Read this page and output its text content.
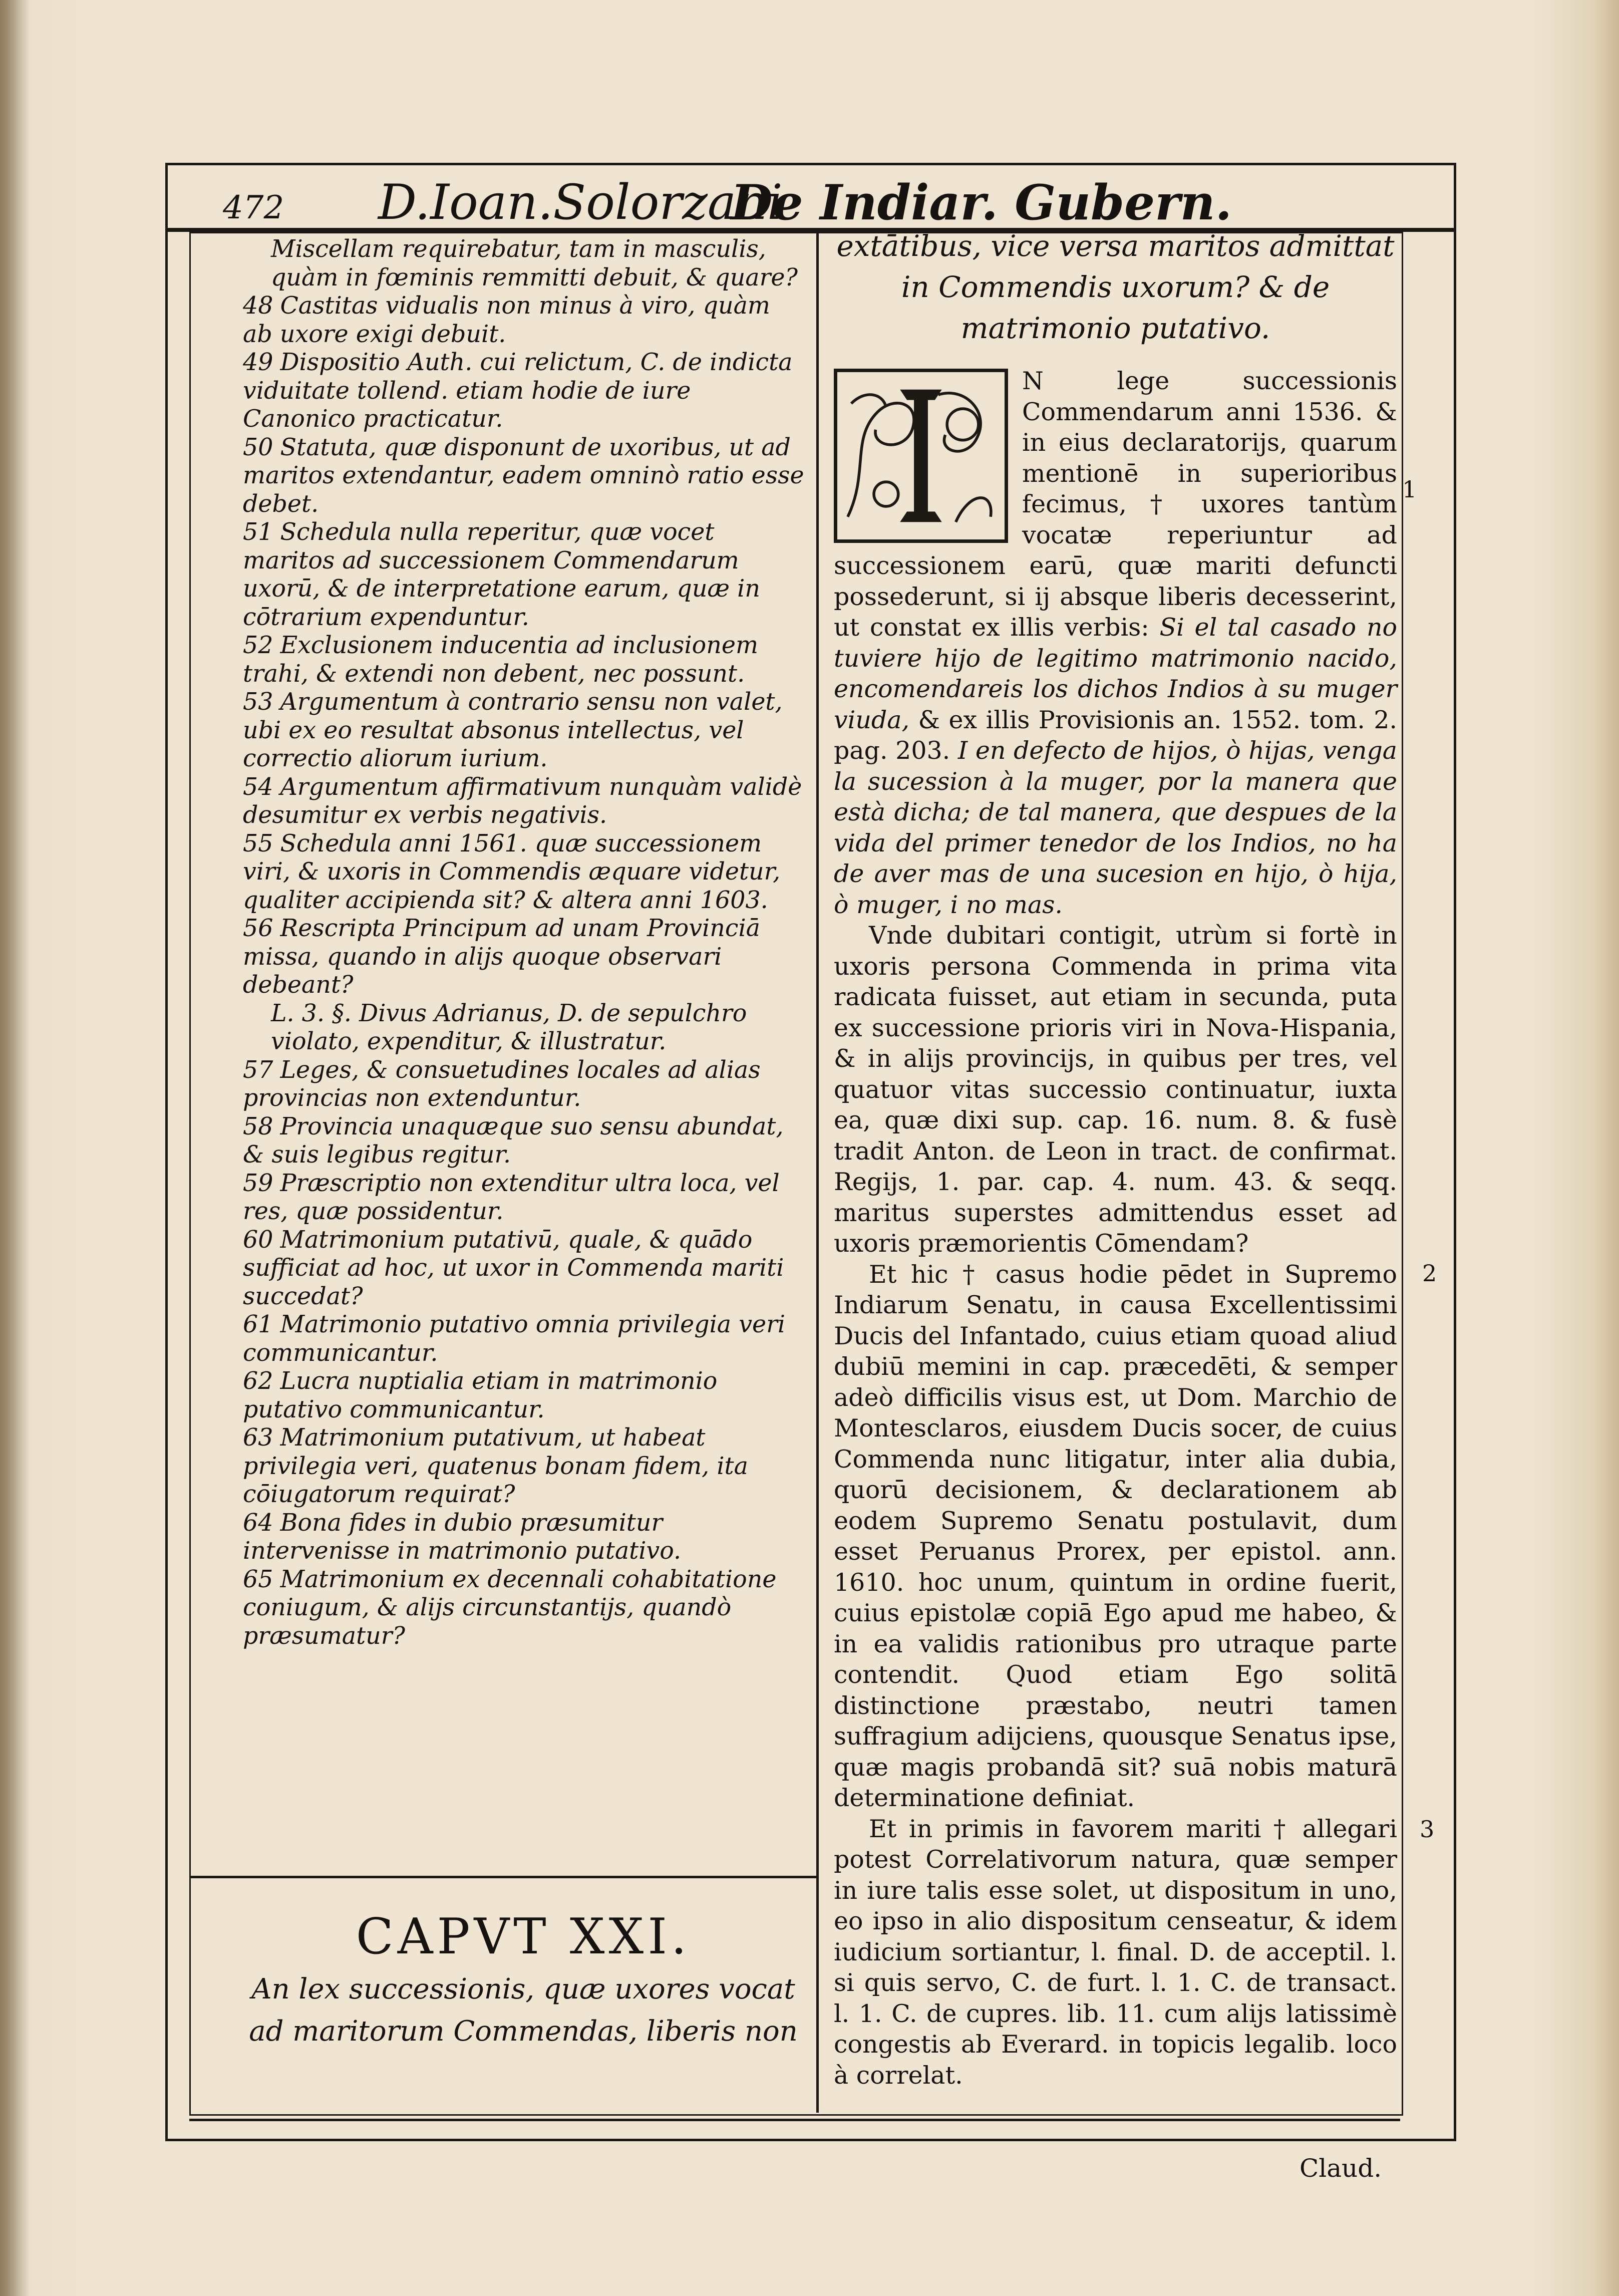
472 D.Ioan.Solorzani
De Indiar. Gubern.
Miscellam requirebatur, tam in masculis, quàm in fœminis remmitti debuit, & quare?
48 Castitas vidualis non minus à viro, quàm ab uxore exigi debuit.
49 Dispositio Auth. cui relictum, C. de indicta viduitate tollend. etiam hodie de iure Canonico practicatur.
50 Statuta, quæ disponunt de uxoribus, ut ad maritos extendantur, eadem omninò ratio esse debet.
51 Schedula nulla reperitur, quæ vocet maritos ad successionem Commendarum uxorū, & de interpretatione earum, quæ in cōtrarium expenduntur.
52 Exclusionem inducentia ad inclusionem trahi, & extendi non debent, nec possunt.
53 Argumentum à contrario sensu non valet, ubi ex eo resultat absonus intellectus, vel correctio aliorum iurium.
54 Argumentum affirmativum nunquàm validè desumitur ex verbis negativis.
55 Schedula anni 1561. quæ successionem viri, & uxoris in Commendis æquare videtur, qualiter accipienda sit? & altera anni 1603.
56 Rescripta Principum ad unam Provinciā missa, quando in alijs quoque observari debeant?
L. 3. §. Divus Adrianus, D. de sepulchro violato, expenditur, & illustratur.
57 Leges, & consuetudines locales ad alias provincias non extenduntur.
58 Provincia unaquæque suo sensu abundat, & suis legibus regitur.
59 Præscriptio non extenditur ultra loca, vel res, quæ possidentur.
60 Matrimonium putativū, quale, & quādo sufficiat ad hoc, ut uxor in Commenda mariti succedat?
61 Matrimonio putativo omnia privilegia veri communicantur.
62 Lucra nuptialia etiam in matrimonio putativo communicantur.
63 Matrimonium putativum, ut habeat privilegia veri, quatenus bonam fidem, ita cōiugatorum requirat?
64 Bona fides in dubio præsumitur intervenisse in matrimonio putativo.
65 Matrimonium ex decennali cohabitatione coniugum, & alijs circunstantijs, quandò præsumatur?
CAPVT XXI.
An lex successionis, quæ uxores vocat ad maritorum Commendas, liberis non

extātibus, vice versa maritos admittat in Commendis uxorum? & de matrimonio putativo.

N lege successionis Commendarum anni 1536. & in eius declaratorijs, quarum mentionē in superioribus fecimus, † uxores tantùm vocatæ reperiuntur ad successionem earū, quæ mariti defuncti possederunt, si ij absque liberis decesserint, ut constat ex illis verbis: Si el tal casado no tuviere hijo de legitimo matrimonio nacido, encomendareis los dichos Indios à su muger viuda, & ex illis Provisionis an. 1552. tom. 2. pag. 203. I en defecto de hijos, ò hijas, venga la sucession à la muger, por la manera que està dicha; de tal manera, que despues de la vida del primer tenedor de los Indios, no ha de aver mas de una sucesion en hijo, ò hija, ò muger, i no mas.

Vnde dubitari contigit, utrùm si fortè in uxoris persona Commenda in prima vita radicata fuisset, aut etiam in secunda, puta ex successione prioris viri in Nova-Hispania, & in alijs provincijs, in quibus per tres, vel quatuor vitas successio continuatur, iuxta ea, quæ dixi sup. cap. 16. num. 8. & fusè tradit Anton. de Leon in tract. de confirmat. Regijs, 1. par. cap. 4. num. 43. & seqq. maritus superstes admittendus esset ad uxoris præmorientis Cōmendam?

Et hic † casus hodie pēdet in Supremo Indiarum Senatu, in causa Excellentissimi Ducis del Infantado, cuius etiam quoad aliud dubiū memini in cap. præcedēti, & semper adeò difficilis visus est, ut Dom. Marchio de Montesclaros, eiusdem Ducis socer, de cuius Commenda nunc litigatur, inter alia dubia, quorū decisionem, & declarationem ab eodem Supremo Senatu postulavit, dum esset Peruanus Prorex, per epistol. ann. 1610. hoc unum, quintum in ordine fuerit, cuius epistolæ copiā Ego apud me habeo, & in ea validis rationibus pro utraque parte contendit. Quod etiam Ego solitā distinctione præstabo, neutri tamen suffragium adijciens, quousque Senatus ipse, quæ magis probandā sit? suā nobis maturā determinatione definiat.

Et in primis in favorem mariti † allegari potest Correlativorum natura, quæ semper in iure talis esse solet, ut dispositum in uno, eo ipso in alio dispositum censeatur, & idem iudicium sortiantur, l. final. D. de acceptil. l. si quis servo, C. de furt. l. 1. C. de transact. l. 1. C. de cupres. lib. 11. cum alijs latissimè congestis ab Everard. in topicis legalib. loco à correlat.

1
2
3
Claud.
